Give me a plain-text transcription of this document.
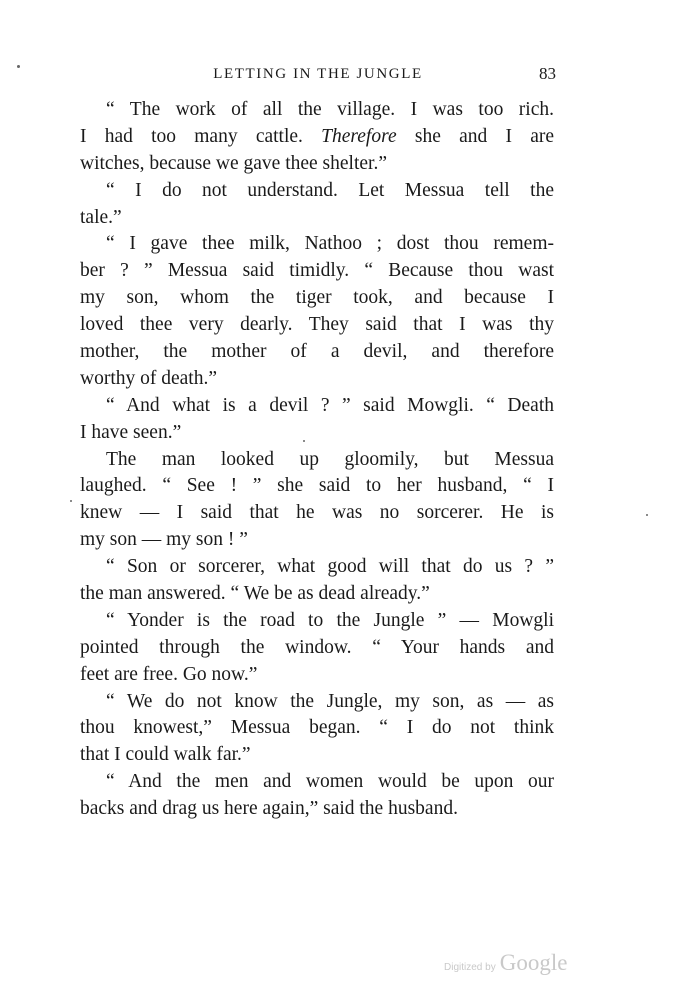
LETTING IN THE JUNGLE	83
“ The work of all the village. I was too rich.
I had too many cattle. Therefore she and I are
witches, because we gave thee shelter.”
“ I do not understand. Let Messua tell the
tale.”
“ I gave thee milk, Nathoo ; dost thou remem-
ber ? ” Messua said timidly. “ Because thou wast
my son, whom the tiger took, and because I
loved thee very dearly. They said that I was thy
mother, the mother of a devil, and therefore
worthy of death.”
“ And what is a devil ? ” said Mowgli. “ Death
I have seen.”
The man looked up gloomily, but Messua
laughed. “ See ! ” she said to her husband, “ I
knew — I said that he was no sorcerer. He is
my son — my son ! ”
“ Son or sorcerer, what good will that do us ? ”
the man answered. “ We be as dead already.”
“ Yonder is the road to the Jungle ” — Mowgli
pointed through the window. “ Your hands and
feet are free. Go now.”
“ We do not know the Jungle, my son, as — as
thou knowest,” Messua began. “ I do not think
that I could walk far.”
“ And the men and women would be upon our
backs and drag us here again,” said the husband.
Digitized by Google
